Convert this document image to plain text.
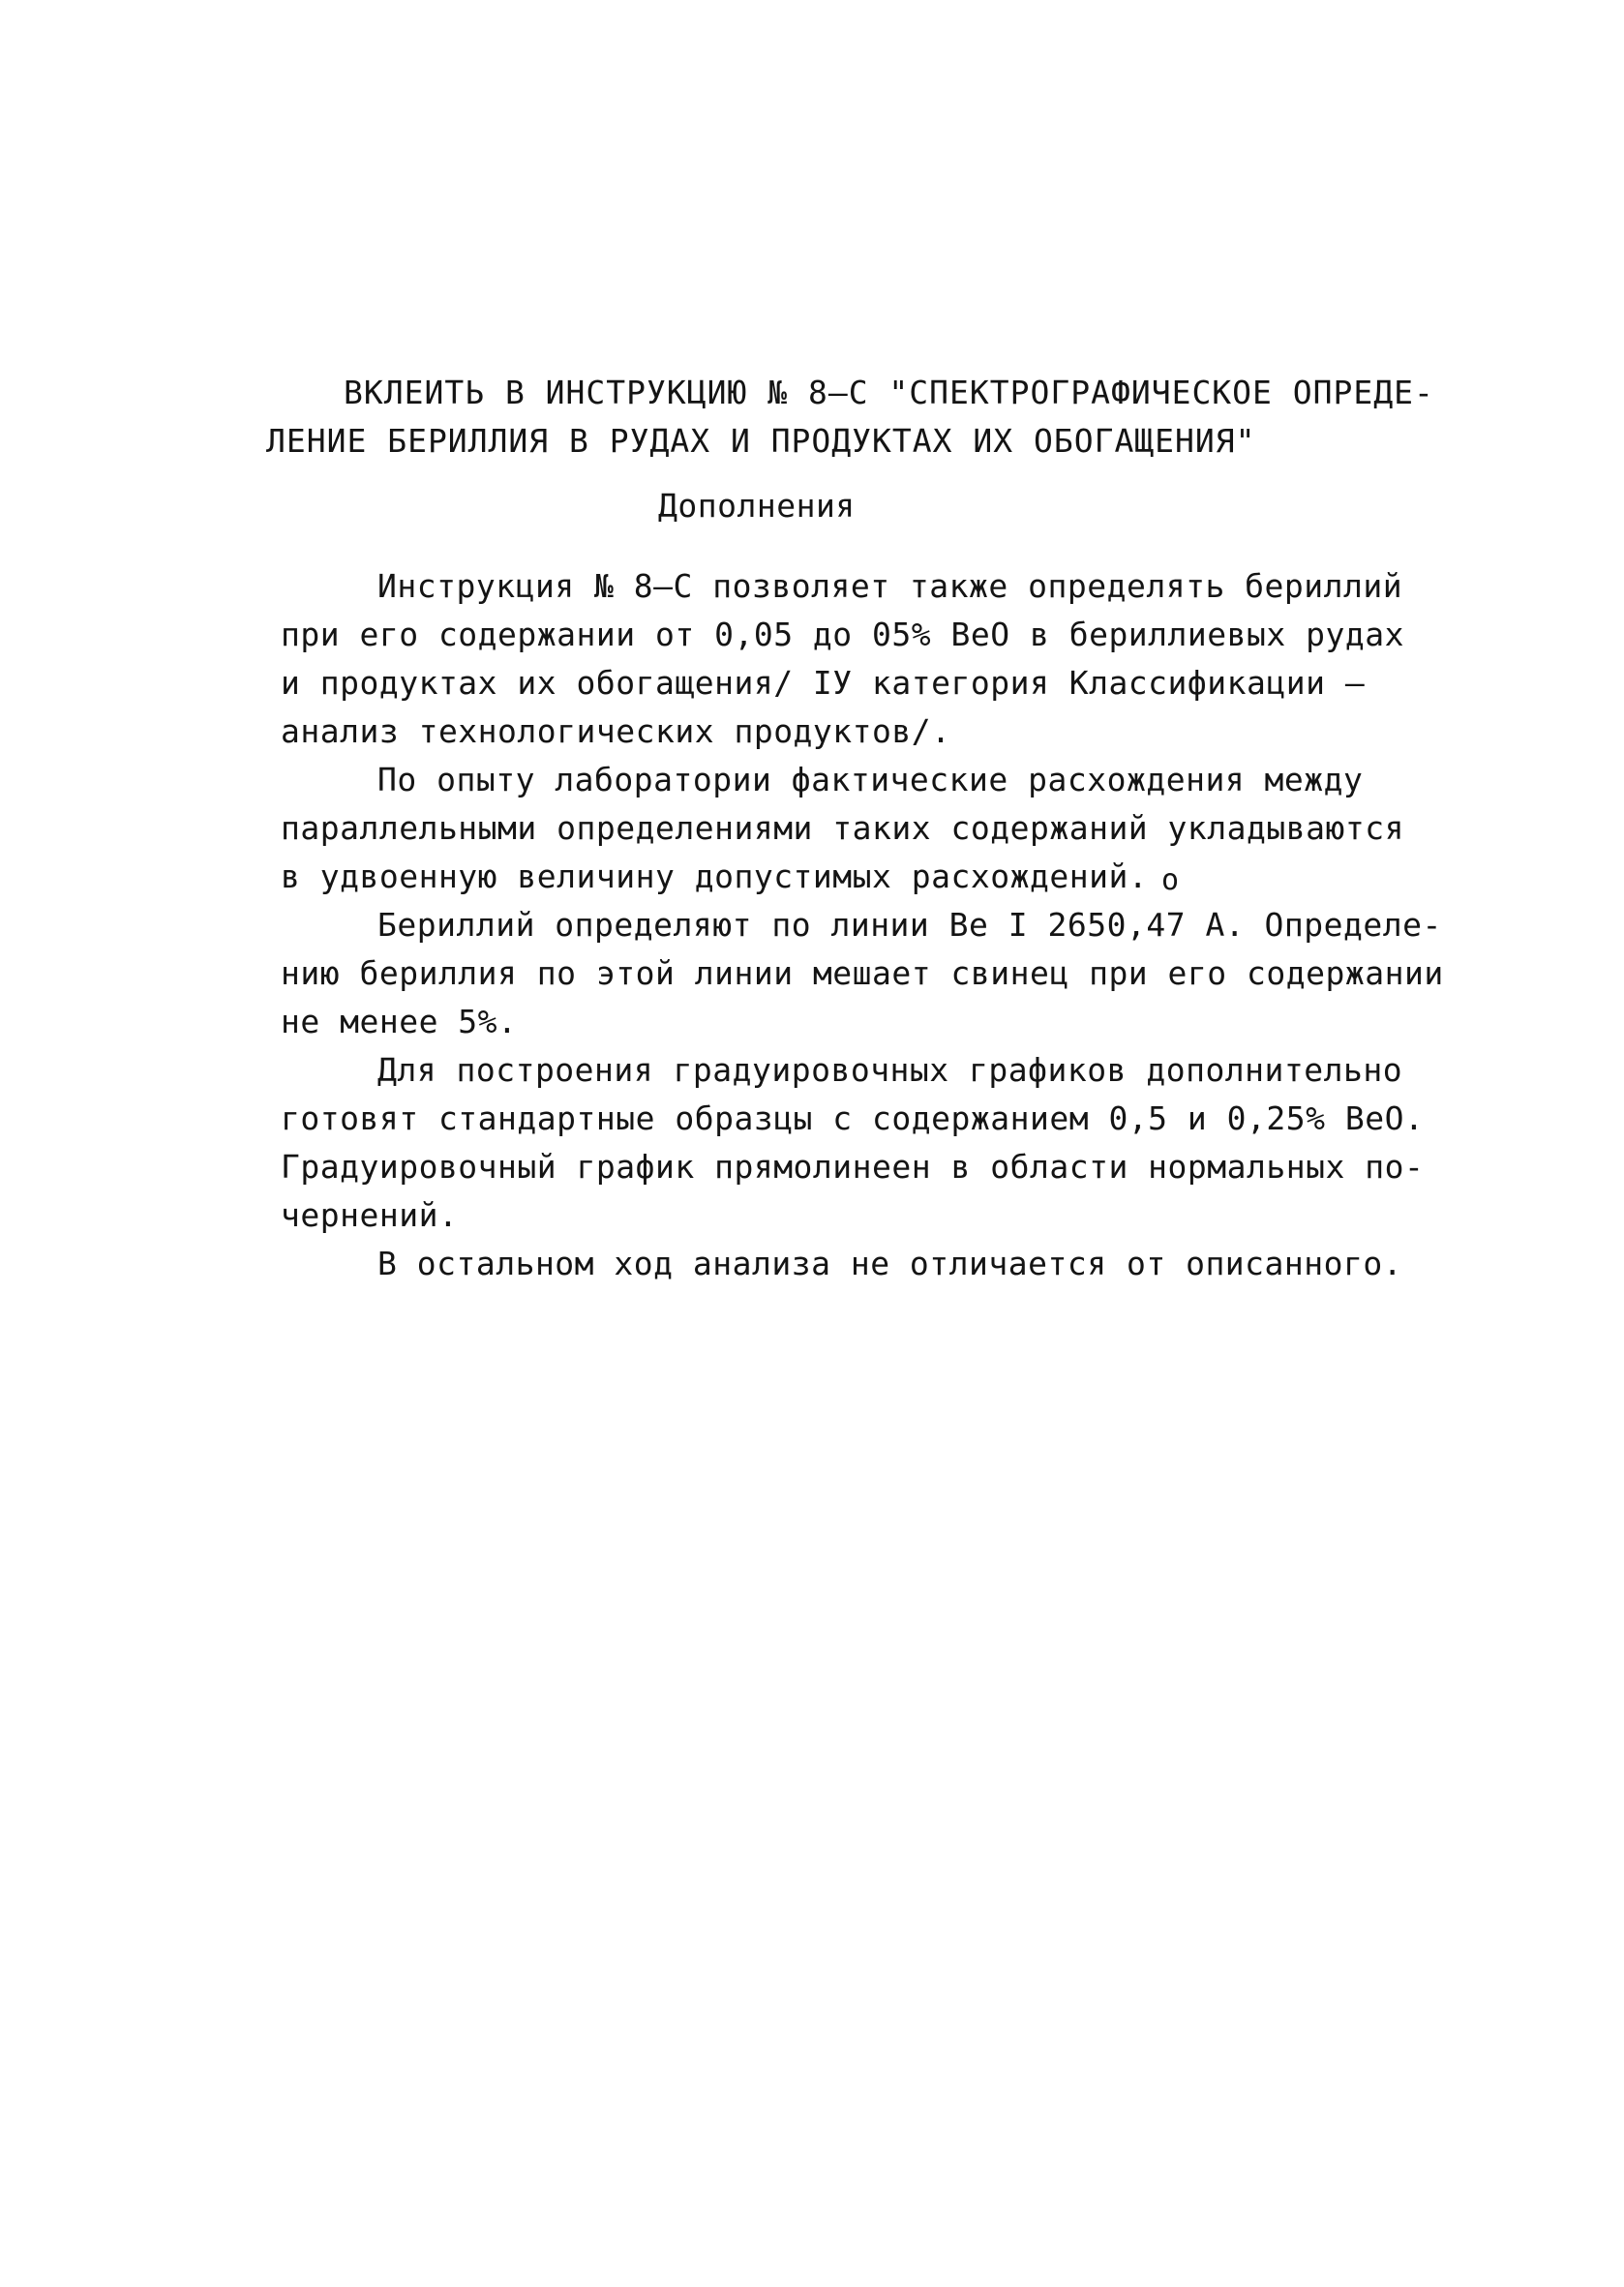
ВКЛЕИТЬ В ИНСТРУКЦИЮ № 8–С "СПЕКТРОГРАФИЧЕСКОЕ ОПРЕДЕ-
ЛЕНИЕ БЕРИЛЛИЯ В РУДАХ И ПРОДУКТАХ ИХ ОБОГАЩЕНИЯ"
Дополнения
Инструкция № 8–С позволяет также определять бериллий
при его содержании от 0,05 до 05% BeO в бериллиевых рудах
и продуктах их обогащения/ IУ категория Классификации –
анализ технологических продуктов/.
По опыту лаборатории фактические расхождения между
параллельными определениями таких содержаний укладываются
в удвоенную величину допустимых расхождений. o
Бериллий определяют по линии Be I 2650,47 A. Определе-
нию бериллия по этой линии мешает свинец при его содержании
не менее 5%.
Для построения градуировочных графиков дополнительно
готовят стандартные образцы с содержанием 0,5 и 0,25% BeO.
Градуировочный график прямолинеен в области нормальных по-
чернений.
В остальном ход анализа не отличается от описанного.
